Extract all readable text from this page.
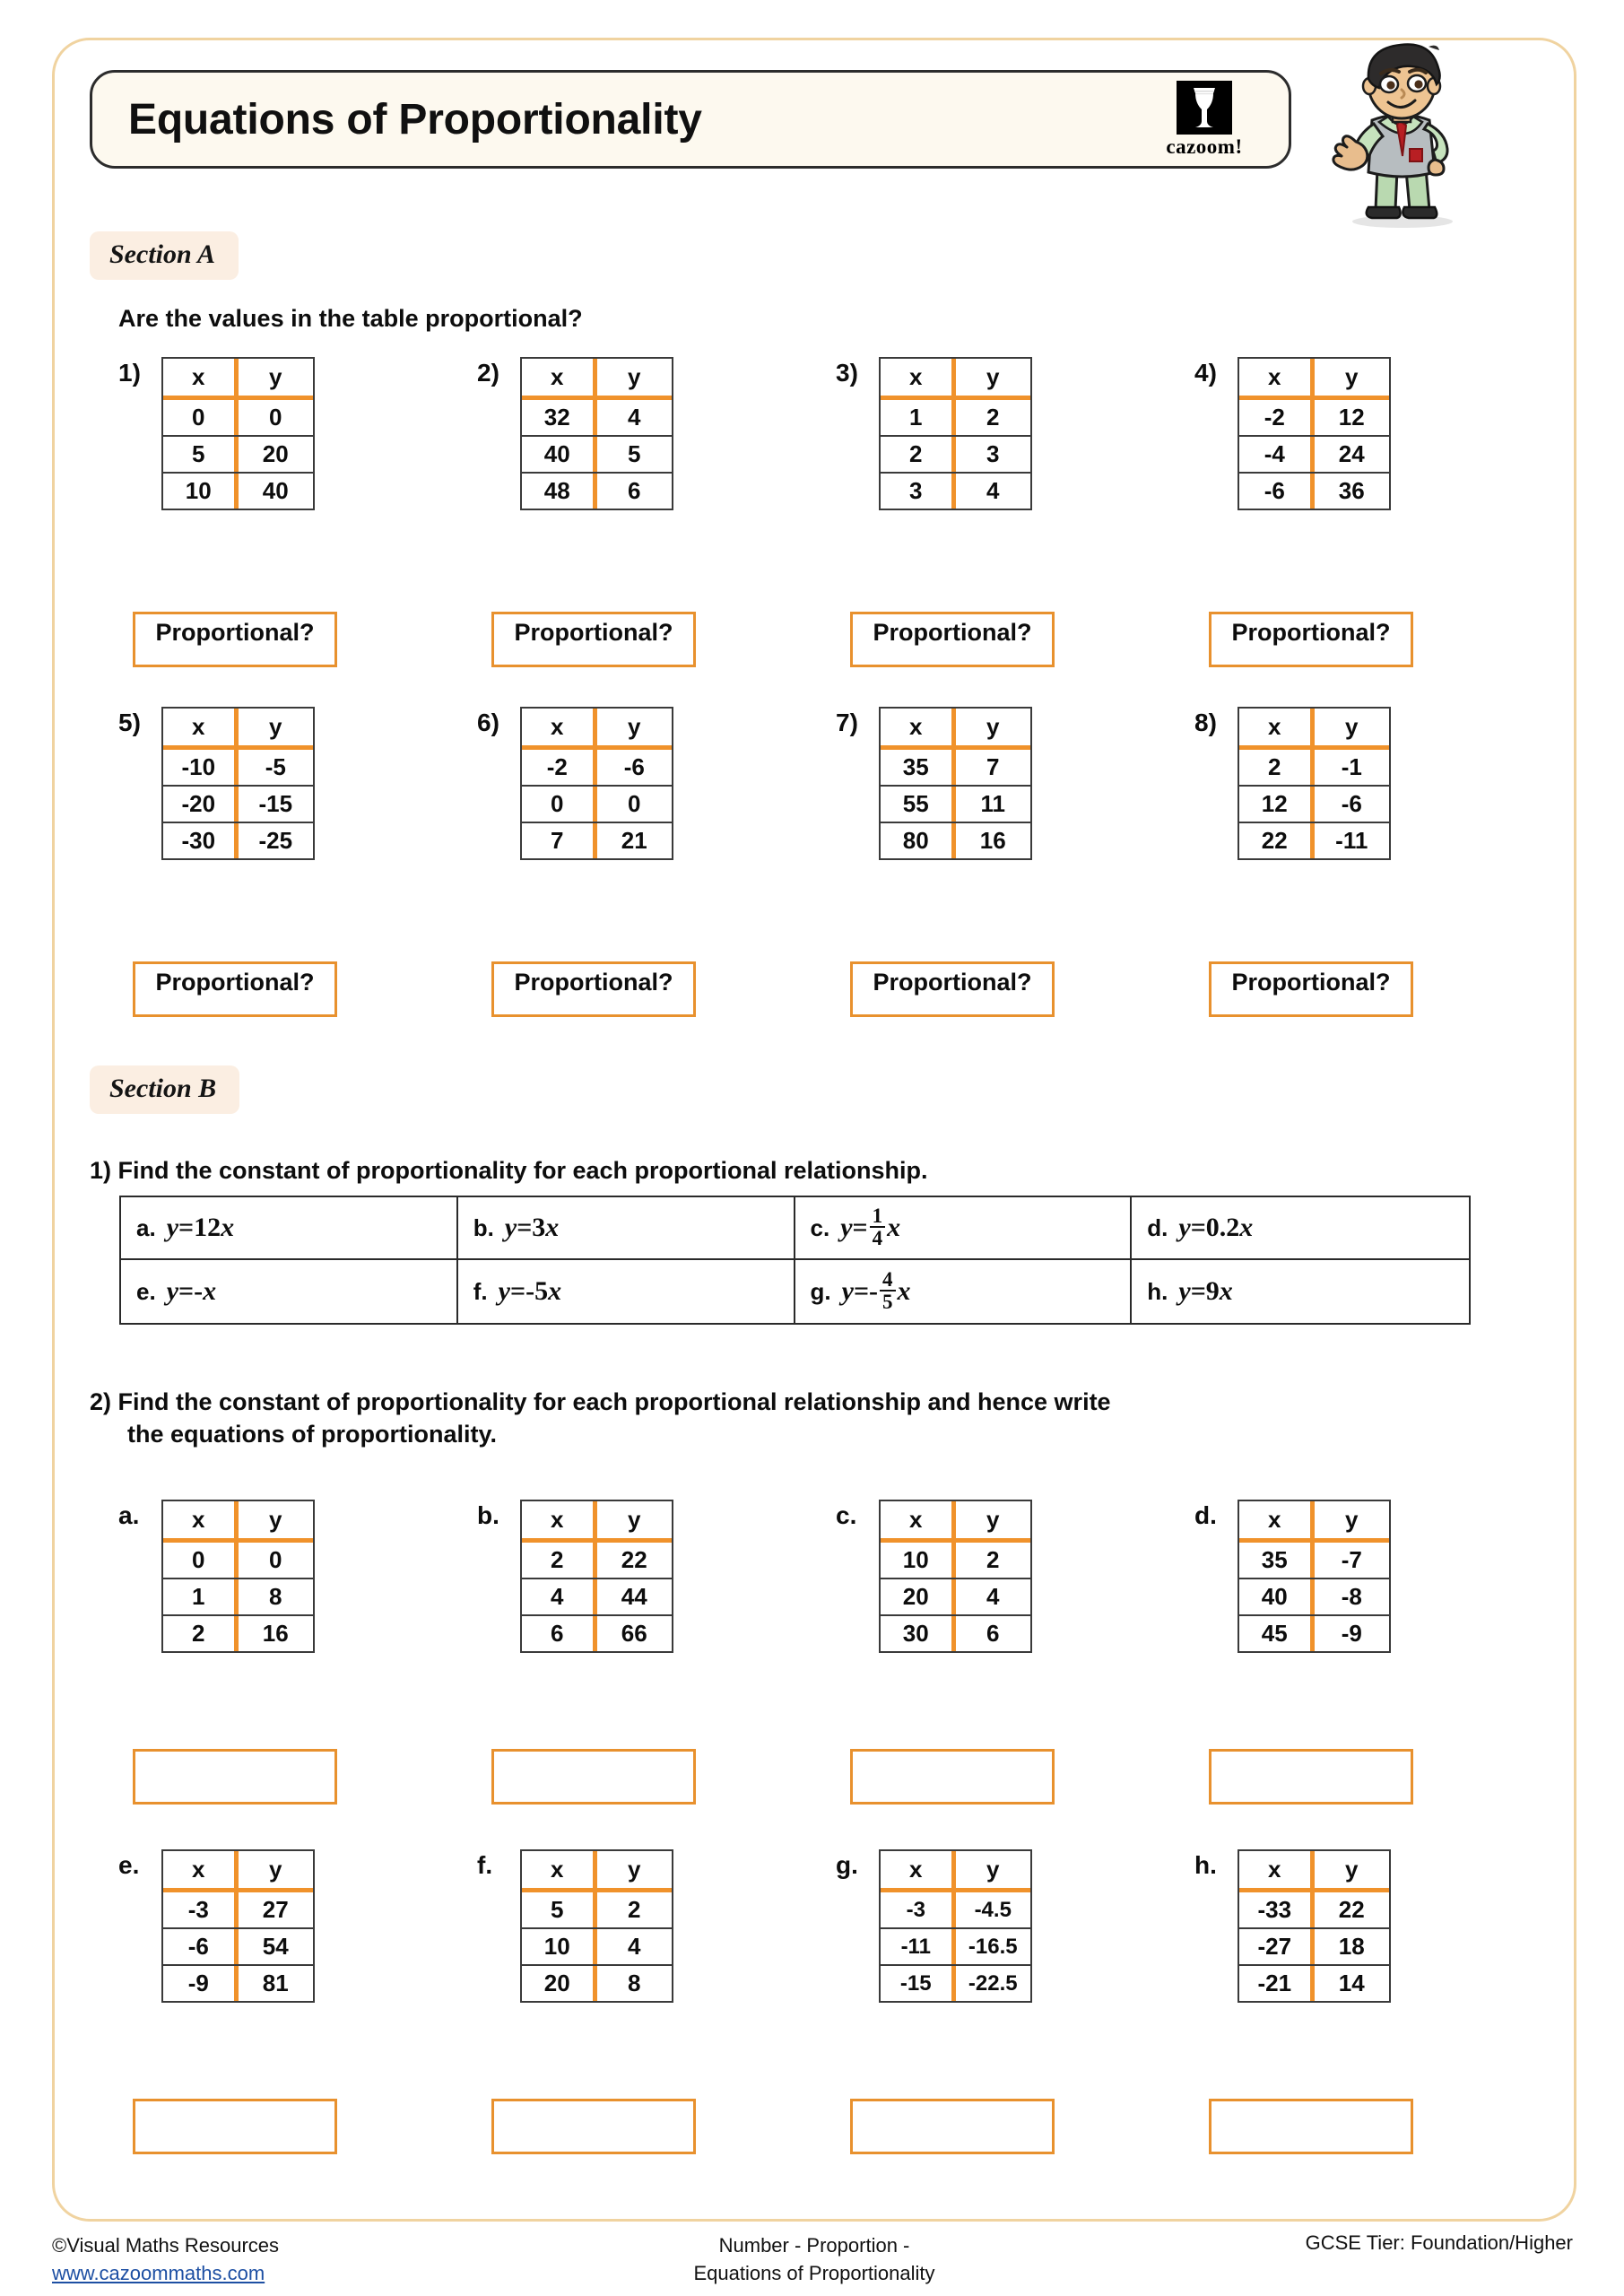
Equations of Proportionality
cazoom!
Section A
Are the values in the table proportional?
1)	x	y
0	0
5	20
10	40
Proportional?
2)	x	y
32	4
40	5
48	6
Proportional?
3)	x	y
1	2
2	3
3	4
Proportional?
4)	x	y
-2	12
-4	24
-6	36
Proportional?
5)	x	y
-10	-5
-20	-15
-30	-25
Proportional?
6)	x	y
-2	-6
0	0
7	21
Proportional?
7)	x	y
35	7
55	11
80	16
Proportional?
8)	x	y
2	-1
12	-6
22	-11
Proportional?
Section B
1) Find the constant of proportionality for each proportional relationship.
a. y = 12 x	b. y = 3 x	c. $y = \frac{1}{4}$ x	d. y = 0.2 x
e. y = - x	f. y = -5 x	g. y = - $\frac{4}{5}$ x	h. y = 9 x
2) Find the constant of proportionality for each proportional relationship and hence write
the equations of proportionality.
a.	x	y
0	0
1	8
2	16
b.	x	y
2	22
4	44
6	66
c.	x	y
10	2
20	4
30	6
d.	x	y
35	-7
40	-8
45	-9
e.	x	y
-3	27
-6	54
-9	81
f.	x	y
5	2
10	4
20	8
g.	x	y
-3	-4.5
-11	-16.5
-15	-22.5
h.	x	y
-33	22
-27	18
-21	14
©Visual Maths Resources
www.cazoommaths.com
Number - Proportion -
Equations of Proportionality
GCSE Tier: Foundation/Higher
